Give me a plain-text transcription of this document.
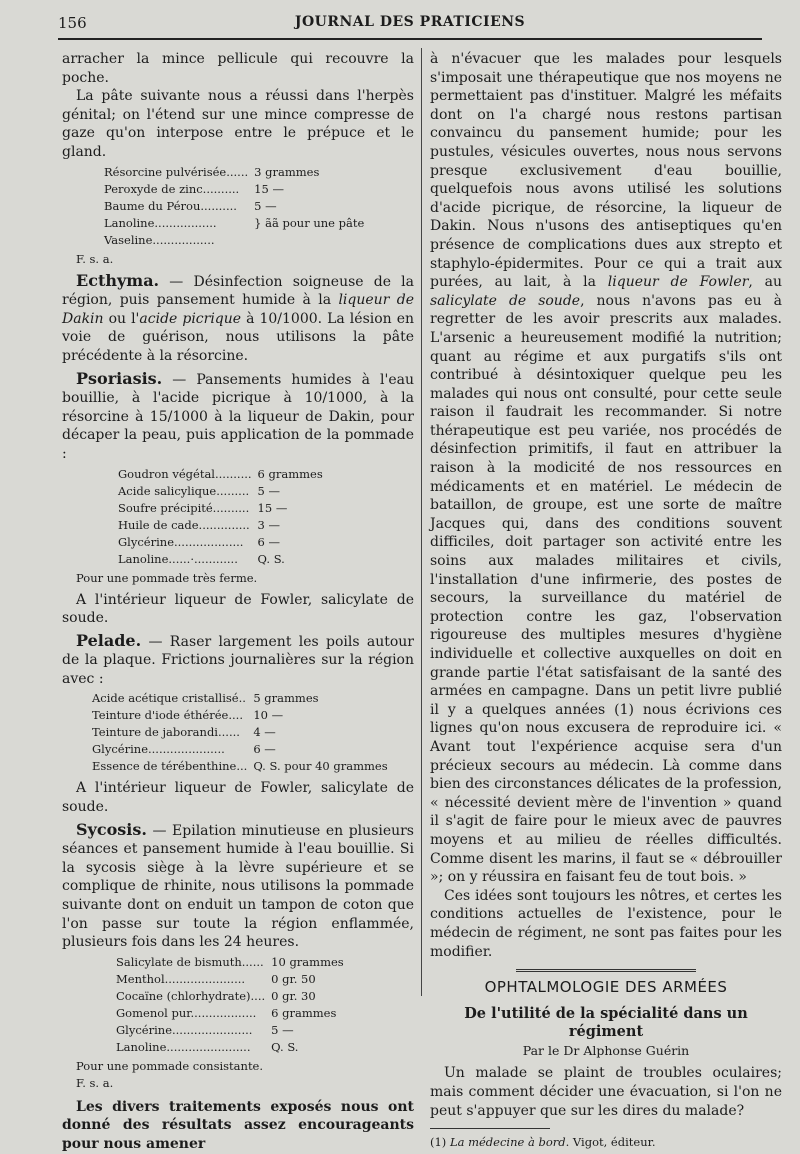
156	JOURNAL DES PRATICIENS

arracher la mince pellicule qui recouvre la poche.

La pâte suivante nous a réussi dans l'herpès génital; on l'étend sur une mince compresse de gaze qu'on interpose entre le prépuce et le gland.

Résorcine pulvérisée......	3 grammes
Peroxyde de zinc..........	15 —
Baume du Pérou..........	5 —
Lanoline.................	} ãã pour une pâte
Vaseline.................	
F. s. a.

Ecthyma. — Désinfection soigneuse de la région, puis pansement humide à la liqueur de Dakin ou l'acide picrique à 10/1000. La lésion en voie de guérison, nous utilisons la pâte précédente à la résorcine.

Psoriasis. — Pansements humides à l'eau bouillie, à l'acide picrique à 10/1000, à la résorcine à 15/1000 à la liqueur de Dakin, pour décaper la peau, puis application de la pommade :

Goudron végétal..........	6 grammes
Acide salicylique.........	5 —
Soufre précipité..........	15 —
Huile de cade..............	3 —
Glycérine...................	6 —
Lanoline......·............	Q. S.
Pour une pommade très ferme.

A l'intérieur liqueur de Fowler, salicylate de soude.

Pelade. — Raser largement les poils autour de la plaque. Frictions journalières sur la région avec :

Acide acétique cristallisé..	5 grammes
Teinture d'iode éthérée....	10 —
Teinture de jaborandi......	4 —
Glycérine.....................	6 —
Essence de térébenthine...	Q. S. pour 40 grammes

A l'intérieur liqueur de Fowler, salicylate de soude.

Sycosis. — Epilation minutieuse en plusieurs séances et pansement humide à l'eau bouillie. Si la sycosis siège à la lèvre supérieure et se complique de rhinite, nous utilisons la pommade suivante dont on enduit un tampon de coton que l'on passe sur toute la région enflammée, plusieurs fois dans les 24 heures.

Salicylate de bismuth......	10 grammes
Menthol......................	0 gr. 50
Cocaïne (chlorhydrate)....	0 gr. 30
Gomenol pur..................	6 grammes
Glycérine......................	5 —
Lanoline.......................	Q. S.
Pour une pommade consistante.
F. s. a.

Les divers traitements exposés nous ont donné des résultats assez encourageants pour nous amener

à n'évacuer que les malades pour lesquels s'imposait une thérapeutique que nos moyens ne permettaient pas d'instituer. Malgré les méfaits dont on l'a chargé nous restons partisan convaincu du pansement humide; pour les pustules, vésicules ouvertes, nous nous servons presque exclusivement d'eau bouillie, quelquefois nous avons utilisé les solutions d'acide picrique, de résorcine, la liqueur de Dakin. Nous n'usons des antiseptiques qu'en présence de complications dues aux strepto et staphylo-épidermites. Pour ce qui a trait aux purées, au lait, à la liqueur de Fowler, au salicylate de soude, nous n'avons pas eu à regretter de les avoir prescrits aux malades. L'arsenic a heureusement modifié la nutrition; quant au régime et aux purgatifs s'ils ont contribué à désintoxiquer quelque peu les malades qui nous ont consulté, pour cette seule raison il faudrait les recommander. Si notre thérapeutique est peu variée, nos procédés de désinfection primitifs, il faut en attribuer la raison à la modicité de nos ressources en médicaments et en matériel. Le médecin de bataillon, de groupe, est une sorte de maître Jacques qui, dans des conditions souvent difficiles, doit partager son activité entre les soins aux malades militaires et civils, l'installation d'une infirmerie, des postes de secours, la surveillance du matériel de protection contre les gaz, l'observation rigoureuse des multiples mesures d'hygiène individuelle et collective auxquelles on doit en grande partie l'état satisfaisant de la santé des armées en campagne. Dans un petit livre publié il y a quelques années (1) nous écrivions ces lignes qu'on nous excusera de reproduire ici. « Avant tout l'expérience acquise sera d'un précieux secours au médecin. Là comme dans bien des circonstances délicates de la profession, « nécessité devient mère de l'invention » quand il s'agit de faire pour le mieux avec de pauvres moyens et au milieu de réelles difficultés. Comme disent les marins, il faut se « débrouiller »; on y réussira en faisant feu de tout bois. »

Ces idées sont toujours les nôtres, et certes les conditions actuelles de l'existence, pour le médecin de régiment, ne sont pas faites pour les modifier.

OPHTALMOLOGIE DES ARMÉES
De l'utilité de la spécialité dans un régiment
Par le Dr Alphonse Guérin

Un malade se plaint de troubles oculaires; mais comment décider une évacuation, si l'on ne peut s'appuyer que sur les dires du malade?

(1) La médecine à bord. Vigot, éditeur.
